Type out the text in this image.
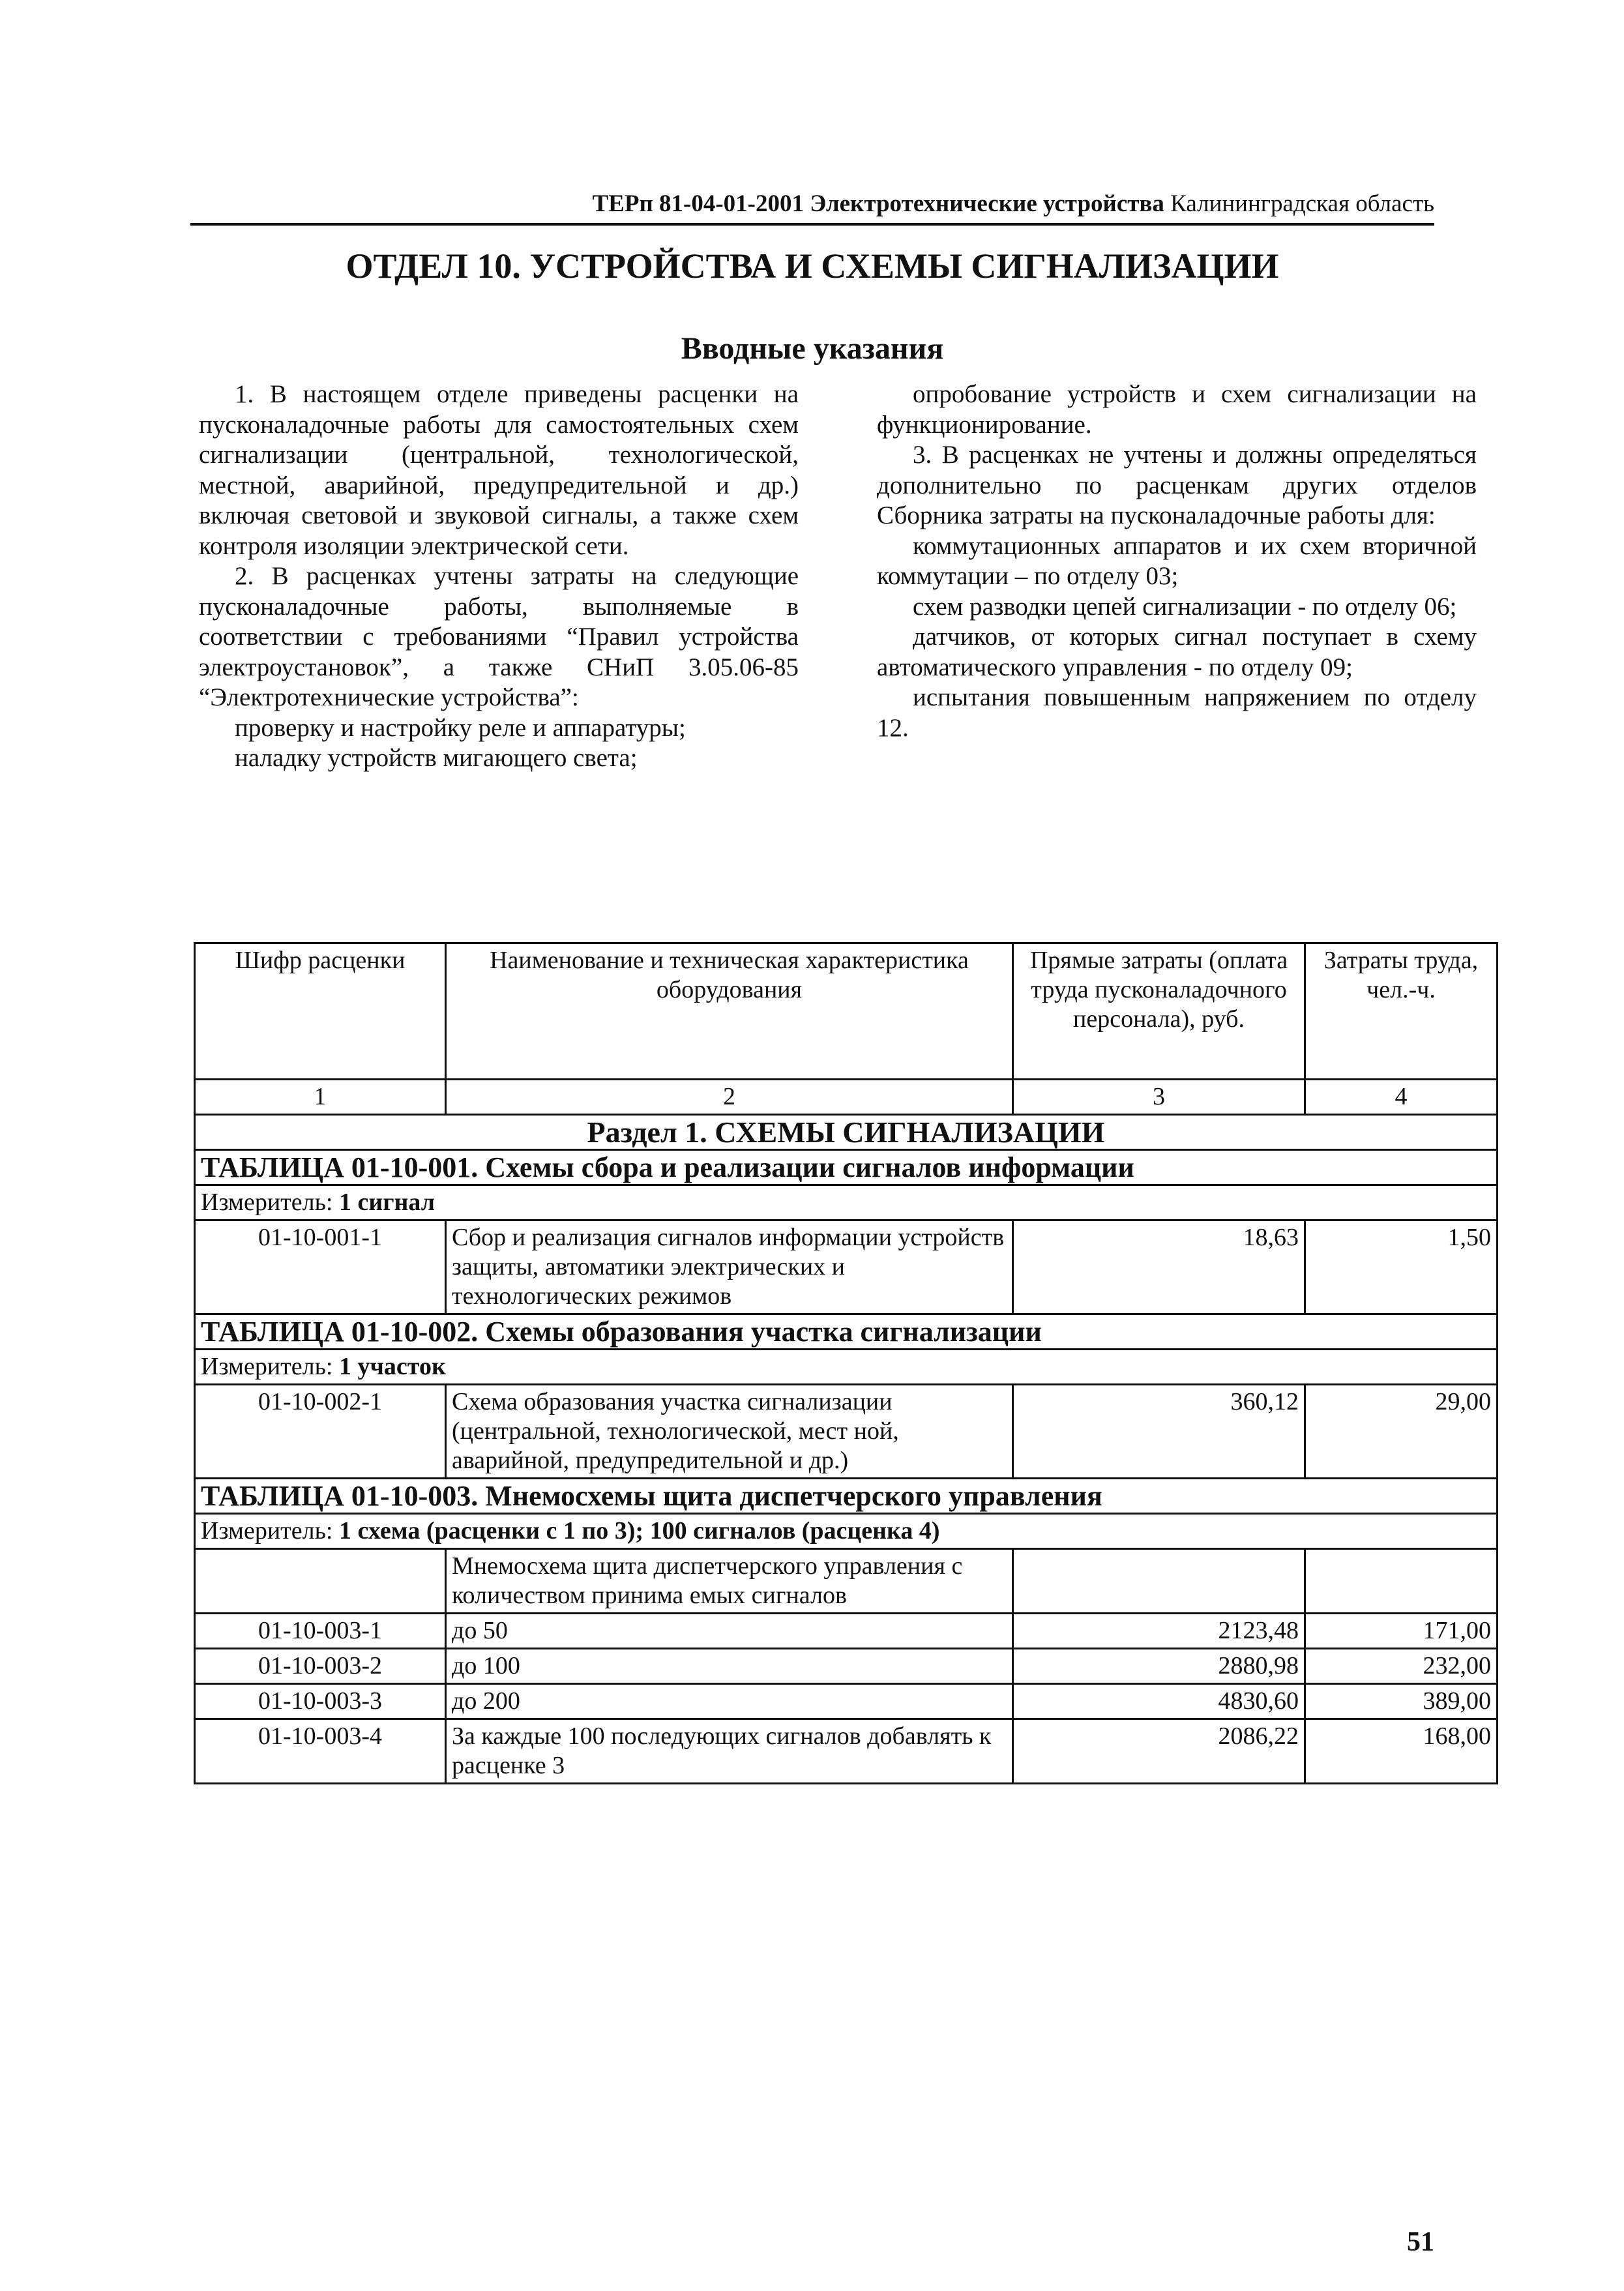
ТЕРп 81-04-01-2001 Электротехнические устройства Калининградская область
ОТДЕЛ 10. УСТРОЙСТВА И СХЕМЫ СИГНАЛИЗАЦИИ
Вводные указания

1. В настоящем отделе приведены расценки на пусконаладочные работы для самостоятельных схем сигнализации (центральной, технологической, местной, аварийной, предупредительной и др.) включая световой и звуковой сигналы, а также схем контроля изоляции электрической сети.

2. В расценках учтены затраты на следующие пусконаладочные работы, выполняемые в соответствии с требованиями “Правил устройства электроустановок”, а также СНиП 3.05.06-85 “Электротехнические устройства”:

проверку и настройку реле и аппаратуры;

наладку устройств мигающего света;

опробование устройств и схем сигнализации на функционирование.

3. В расценках не учтены и должны определяться дополнительно по расценкам других отделов Сборника затраты на пусконаладочные работы для:

коммутационных аппаратов и их схем вторичной коммутации – по отделу 03;

схем разводки цепей сигнализации - по отделу 06;

датчиков, от которых сигнал поступает в схему автоматического управления - по отделу 09;

испытания повышенным напряжением по отделу 12.

Шифр расценки	Наименование и техническая характеристика оборудования	Прямые затраты (оплата труда пусконаладочного персонала), руб.	Затраты труда, чел.-ч.
1	2	3	4
Раздел 1. СХЕМЫ СИГНАЛИЗАЦИИ			
ТАБЛИЦА 01-10-001. Схемы сбора и реализации сигналов информации			
Измеритель: 1 сигнал			
01-10-001-1	Сбор и реализация сигналов информации устройств защиты, автоматики электрических и технологических режимов	18,63	1,50
ТАБЛИЦА 01-10-002. Схемы образования участка сигнализации			
Измеритель: 1 участок			
01-10-002-1	Схема образования участка сигнализации (центральной, технологической, мест ной, аварийной, предупредительной и др.)	360,12	29,00
ТАБЛИЦА 01-10-003. Мнемосхемы щита диспетчерского управления			
Измеритель: 1 схема (расценки с 1 по 3); 100 сигналов (расценка 4)			
	Мнемосхема щита диспетчерского управления с количеством принима емых сигналов		
01-10-003-1	до 50	2123,48	171,00
01-10-003-2	до 100	2880,98	232,00
01-10-003-3	до 200	4830,60	389,00
01-10-003-4	За каждые 100 последующих сигналов добавлять к расценке 3	2086,22	168,00
51
